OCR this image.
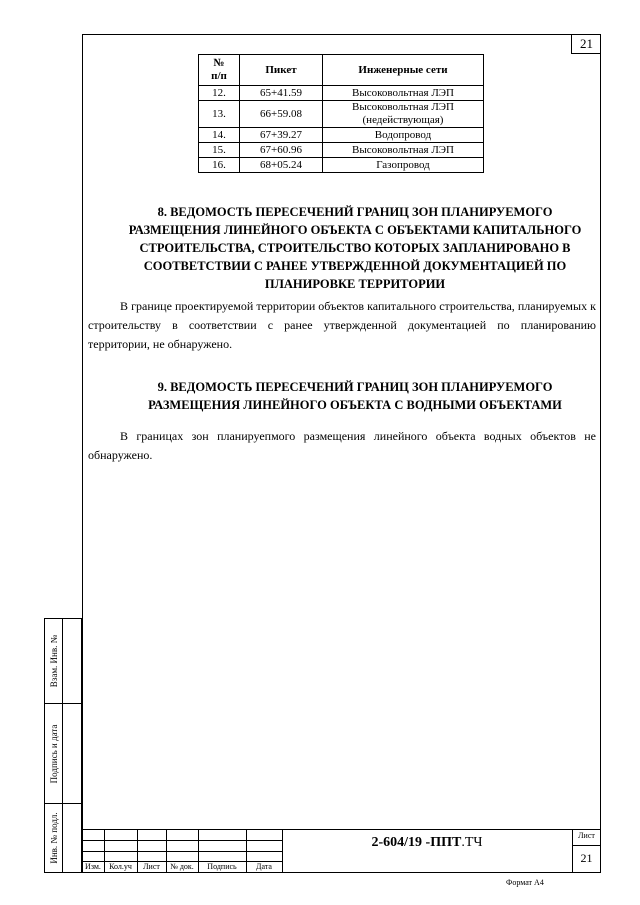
21
№
п/п	Пикет	Инженерные сети
12.	65+41.59	Высоковольтная ЛЭП
13.	66+59.08	Высоковольтная ЛЭП
(недействующая)
14.	67+39.27	Водопровод
15.	67+60.96	Высоковольтная ЛЭП
16.	68+05.24	Газопровод
8. ВЕДОМОСТЬ ПЕРЕСЕЧЕНИЙ ГРАНИЦ ЗОН ПЛАНИРУЕМОГО РАЗМЕЩЕНИЯ ЛИНЕЙНОГО ОБЪЕКТА С ОБЪЕКТАМИ КАПИТАЛЬНОГО СТРОИТЕЛЬСТВА, СТРОИТЕЛЬСТВО КОТОРЫХ ЗАПЛАНИРОВАНО В СООТВЕТСТВИИ С РАНЕЕ УТВЕРЖДЕННОЙ ДОКУМЕНТАЦИЕЙ ПО ПЛАНИРОВКЕ ТЕРРИТОРИИ
В границе проектируемой территории объектов капитального строительства, планируемых к строительству в соответствии с ранее утвержденной документацией по планированию территории, не обнаружено.
9. ВЕДОМОСТЬ ПЕРЕСЕЧЕНИЙ ГРАНИЦ ЗОН ПЛАНИРУЕМОГО РАЗМЕЩЕНИЯ ЛИНЕЙНОГО ОБЪЕКТА С ВОДНЫМИ ОБЪЕКТАМИ
В границах зон планируепмого размещения линейного объекта водных объектов не обнаружено.
Взам. Инв. №
Подпись и дата
Инв. № подл.
Изм.	Кол.уч	Лист	№ док.	Подпись	Дата
2-604/19 -ППТ.ТЧ	Лист
21
Формат А4
